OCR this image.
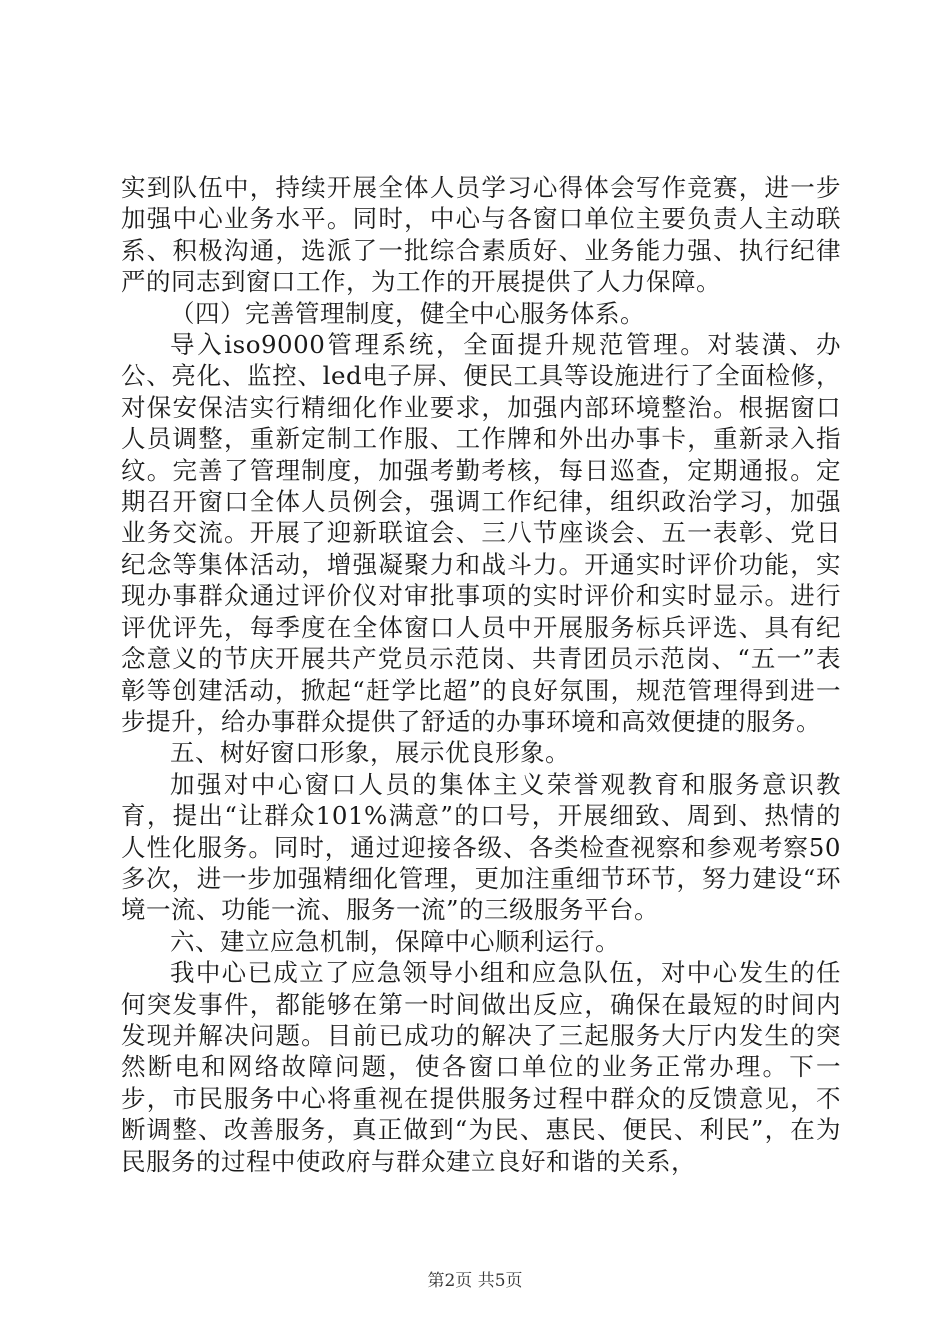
实到队伍中，持续开展全体人员学习心得体会写作竞赛，进一步加强中心业务水平。同时，中心与各窗口单位主要负责人主动联系、积极沟通，选派了一批综合素质好、业务能力强、执行纪律严的同志到窗口工作，为工作的开展提供了人力保障。

（四）完善管理制度，健全中心服务体系。

导入iso9000管理系统，全面提升规范管理。对装潢、办公、亮化、监控、led电子屏、便民工具等设施进行了全面检修，对保安保洁实行精细化作业要求，加强内部环境整治。根据窗口人员调整，重新定制工作服、工作牌和外出办事卡，重新录入指纹。完善了管理制度，加强考勤考核，每日巡查，定期通报。定期召开窗口全体人员例会，强调工作纪律，组织政治学习，加强业务交流。开展了迎新联谊会、三八节座谈会、五一表彰、党日纪念等集体活动，增强凝聚力和战斗力。开通实时评价功能，实现办事群众通过评价仪对审批事项的实时评价和实时显示。进行评优评先，每季度在全体窗口人员中开展服务标兵评选、具有纪念意义的节庆开展共产党员示范岗、共青团员示范岗、“五一”表彰等创建活动，掀起“赶学比超”的良好氛围，规范管理得到进一步提升，给办事群众提供了舒适的办事环境和高效便捷的服务。

五、树好窗口形象，展示优良形象。

加强对中心窗口人员的集体主义荣誉观教育和服务意识教育，提出“让群众101%满意”的口号，开展细致、周到、热情的人性化服务。同时，通过迎接各级、各类检查视察和参观考察50多次，进一步加强精细化管理，更加注重细节环节，努力建设“环境一流、功能一流、服务一流”的三级服务平台。

六、建立应急机制，保障中心顺利运行。

我中心已成立了应急领导小组和应急队伍，对中心发生的任何突发事件，都能够在第一时间做出反应，确保在最短的时间内发现并解决问题。目前已成功的解决了三起服务大厅内发生的突然断电和网络故障问题，使各窗口单位的业务正常办理。下一步，市民服务中心将重视在提供服务过程中群众的反馈意见，不断调整、改善服务，真正做到“为民、惠民、便民、利民”，在为民服务的过程中使政府与群众建立良好和谐的关系，

第2页 共5页
